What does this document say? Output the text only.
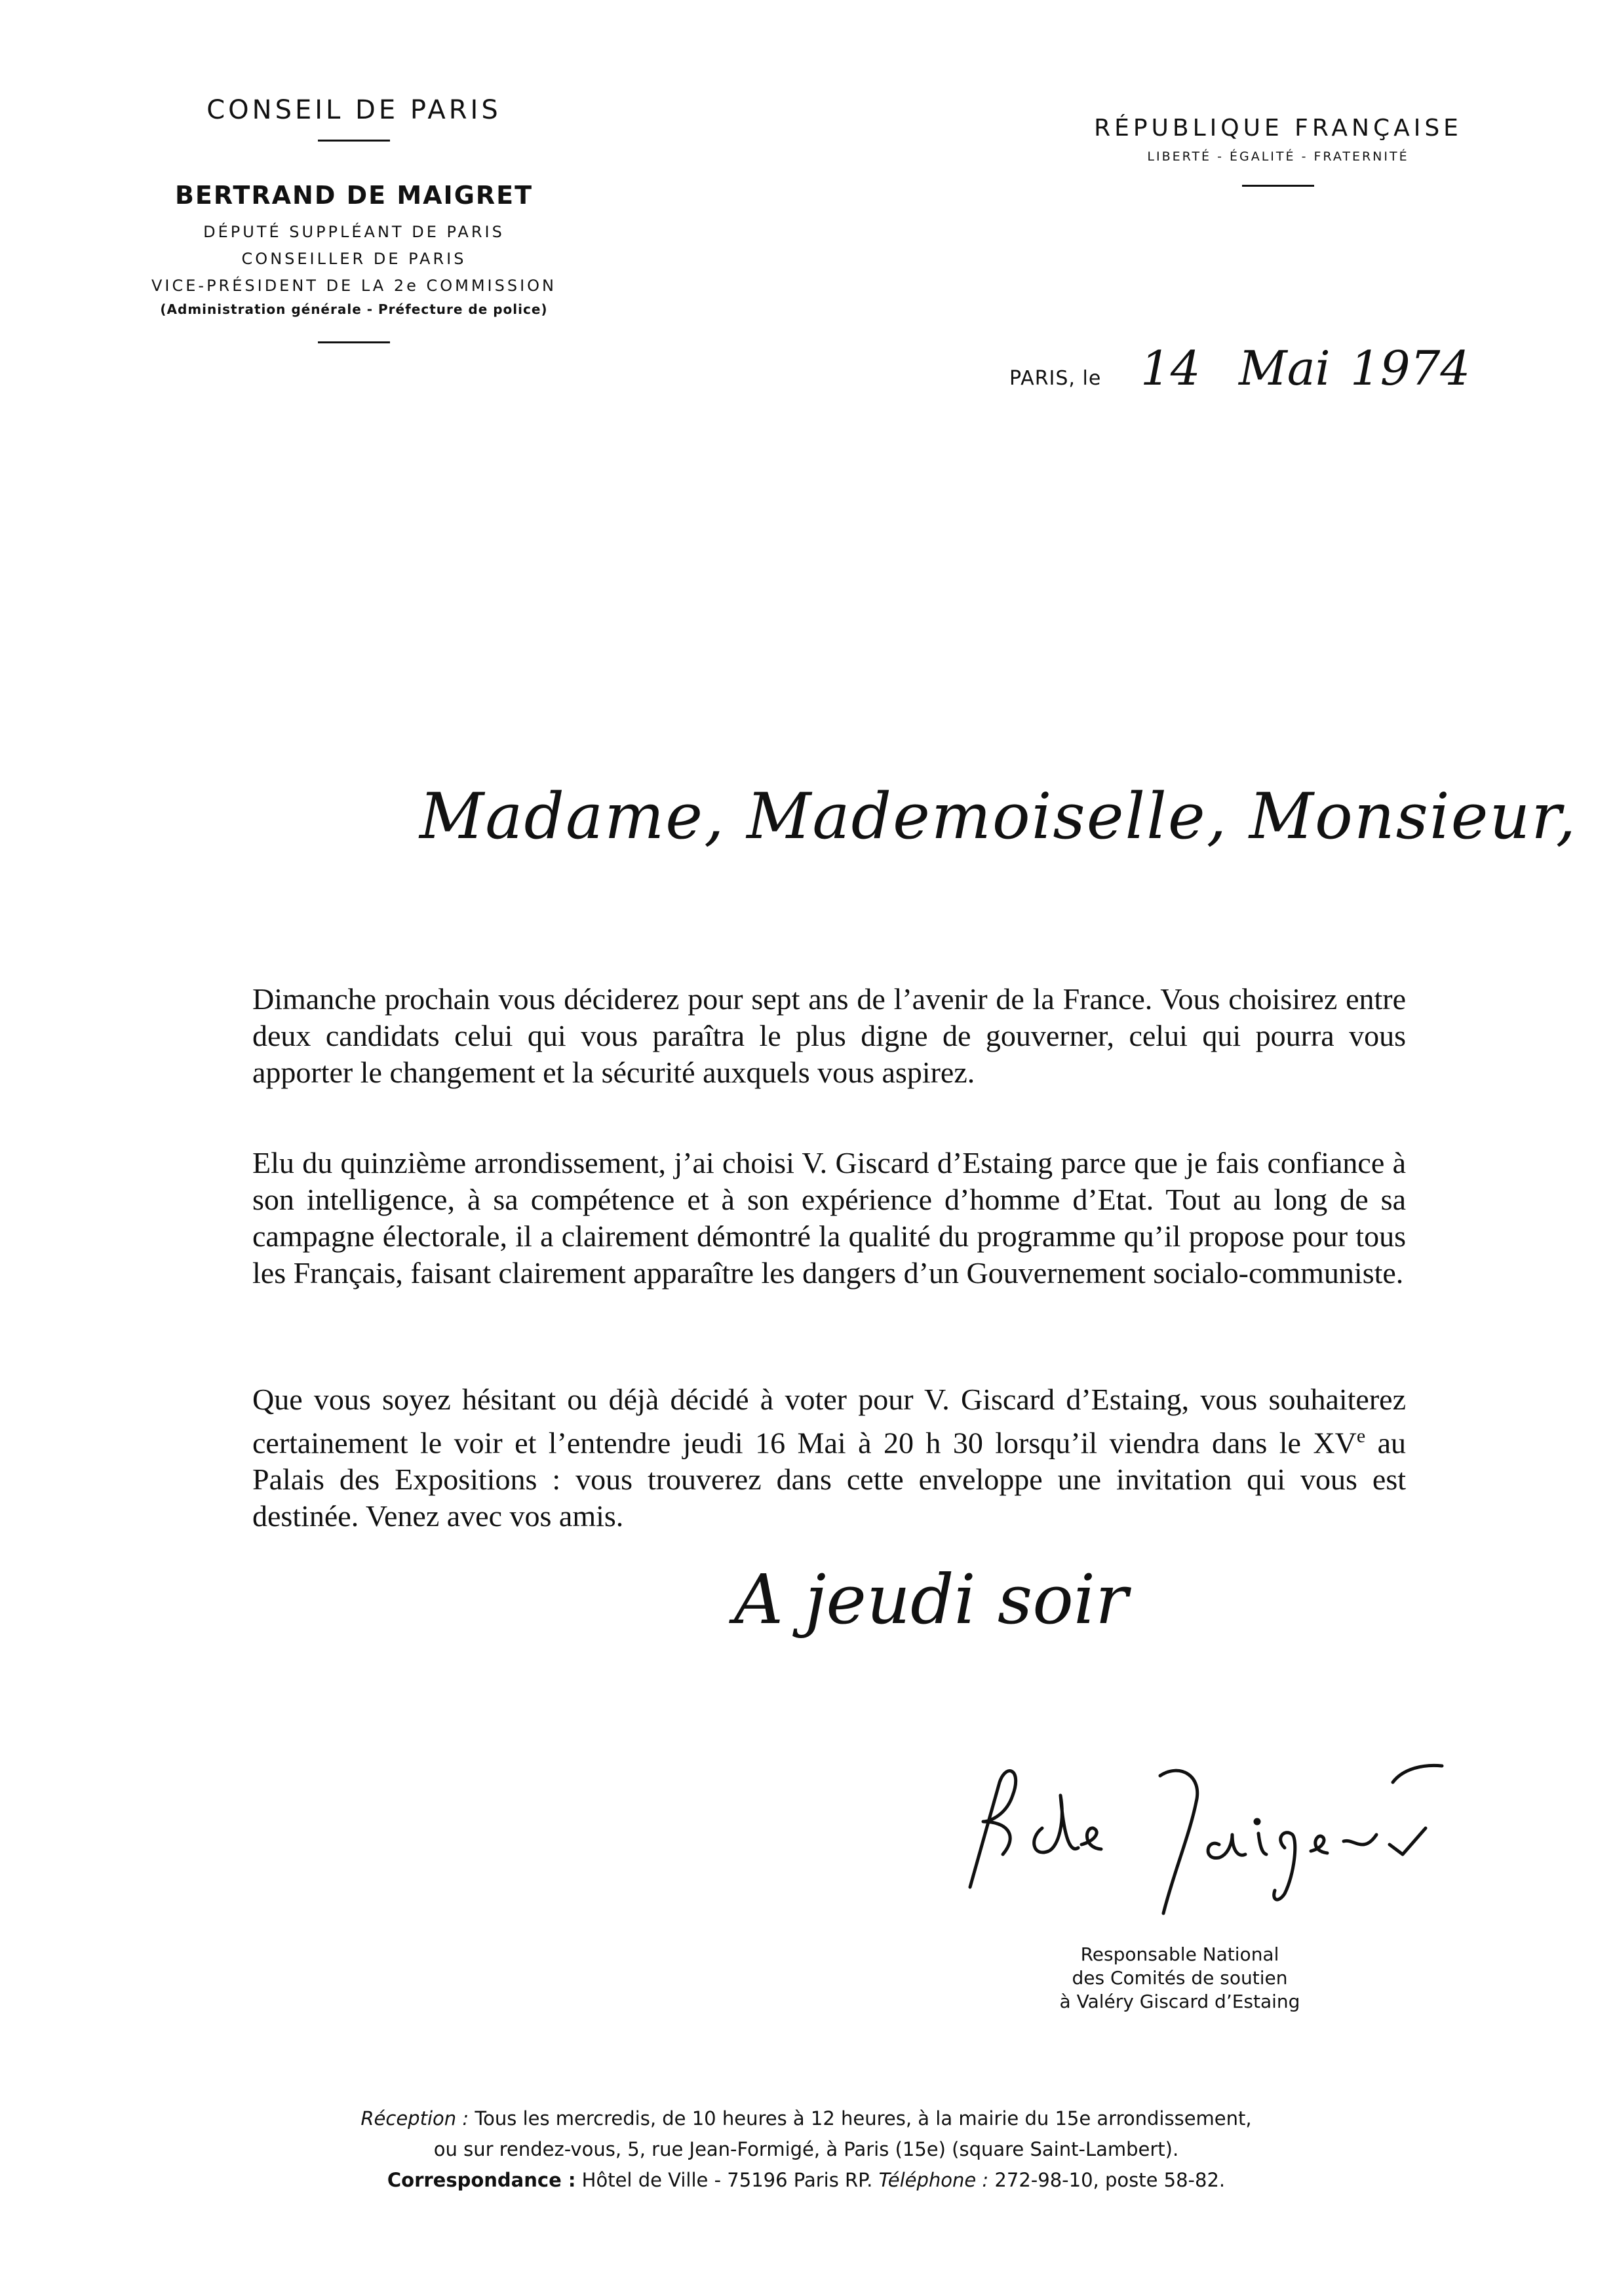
CONSEIL DE PARIS
BERTRAND DE MAIGRET
DÉPUTÉ SUPPLÉANT DE PARIS
CONSEILLER DE PARIS
VICE-PRÉSIDENT DE LA 2e COMMISSION
(Administration générale - Préfecture de police)
RÉPUBLIQUE FRANÇAISE
LIBERTÉ - ÉGALITÉ - FRATERNITÉ
PARIS, le 14 Mai 1974
Madame, Mademoiselle, Monsieur,
Dimanche prochain vous déciderez pour sept ans de l’avenir de la France. Vous choisirez entre deux candidats celui qui vous paraîtra le plus digne de gouverner, celui qui pourra vous apporter le changement et la sécurité auxquels vous aspirez.
Elu du quinzième arrondissement, j’ai choisi V. Giscard d’Estaing parce que je fais confiance à son intelligence, à sa compétence et à son expérience d’homme d’Etat. Tout au long de sa campagne électorale, il a clairement démontré la qualité du programme qu’il propose pour tous les Français, faisant clairement apparaître les dangers d’un Gouvernement socialo-communiste.
Que vous soyez hésitant ou déjà décidé à voter pour V. Giscard d’Estaing, vous souhaiterez certainement le voir et l’entendre jeudi 16 Mai à 20 h 30 lorsqu’il viendra dans le XVe au Palais des Expositions : vous trouverez dans cette enveloppe une invitation qui vous est destinée. Venez avec vos amis.
A jeudi soir
Responsable National
des Comités de soutien
à Valéry Giscard d’Estaing
Réception : Tous les mercredis, de 10 heures à 12 heures, à la mairie du 15e arrondissement,
ou sur rendez-vous, 5, rue Jean-Formigé, à Paris (15e) (square Saint-Lambert).
Correspondance : Hôtel de Ville - 75196 Paris RP. Téléphone : 272-98-10, poste 58-82.
